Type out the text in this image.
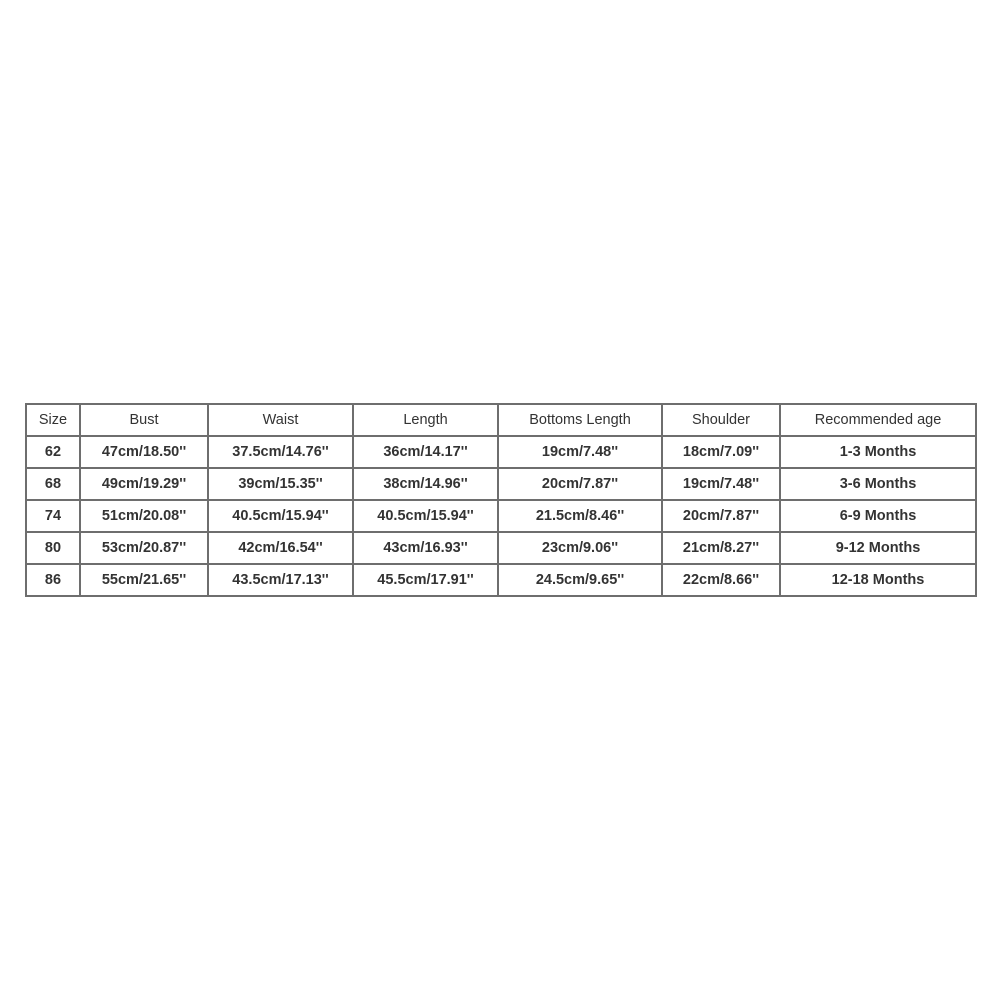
Size	Bust	Waist	Length	Bottoms Length	Shoulder	Recommended age
62	47cm/18.50''	37.5cm/14.76''	36cm/14.17''	19cm/7.48''	18cm/7.09''	1-3 Months
68	49cm/19.29''	39cm/15.35''	38cm/14.96''	20cm/7.87''	19cm/7.48''	3-6 Months
74	51cm/20.08''	40.5cm/15.94''	40.5cm/15.94''	21.5cm/8.46''	20cm/7.87''	6-9 Months
80	53cm/20.87''	42cm/16.54''	43cm/16.93''	23cm/9.06''	21cm/8.27''	9-12 Months
86	55cm/21.65''	43.5cm/17.13''	45.5cm/17.91''	24.5cm/9.65''	22cm/8.66''	12-18 Months
